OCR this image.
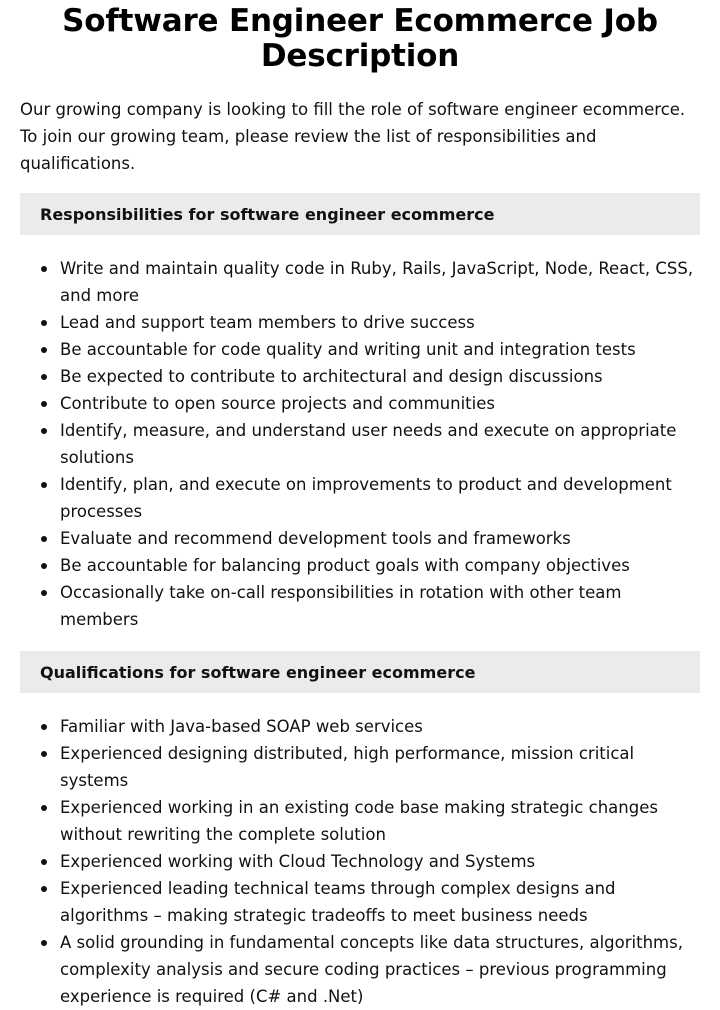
Software Engineer Ecommerce Job Description

Our growing company is looking to fill the role of software engineer ecommerce. To join our growing team, please review the list of responsibilities and qualifications.

Responsibilities for software engineer ecommerce
Write and maintain quality code in Ruby, Rails, JavaScript, Node, React, CSS, and more
Lead and support team members to drive success
Be accountable for code quality and writing unit and integration tests
Be expected to contribute to architectural and design discussions
Contribute to open source projects and communities
Identify, measure, and understand user needs and execute on appropriate solutions
Identify, plan, and execute on improvements to product and development processes
Evaluate and recommend development tools and frameworks
Be accountable for balancing product goals with company objectives
Occasionally take on-call responsibilities in rotation with other team members
Qualifications for software engineer ecommerce
Familiar with Java-based SOAP web services
Experienced designing distributed, high performance, mission critical systems
Experienced working in an existing code base making strategic changes without rewriting the complete solution
Experienced working with Cloud Technology and Systems
Experienced leading technical teams through complex designs and algorithms – making strategic tradeoffs to meet business needs
A solid grounding in fundamental concepts like data structures, algorithms, complexity analysis and secure coding practices – previous programming experience is required (C# and .Net)
